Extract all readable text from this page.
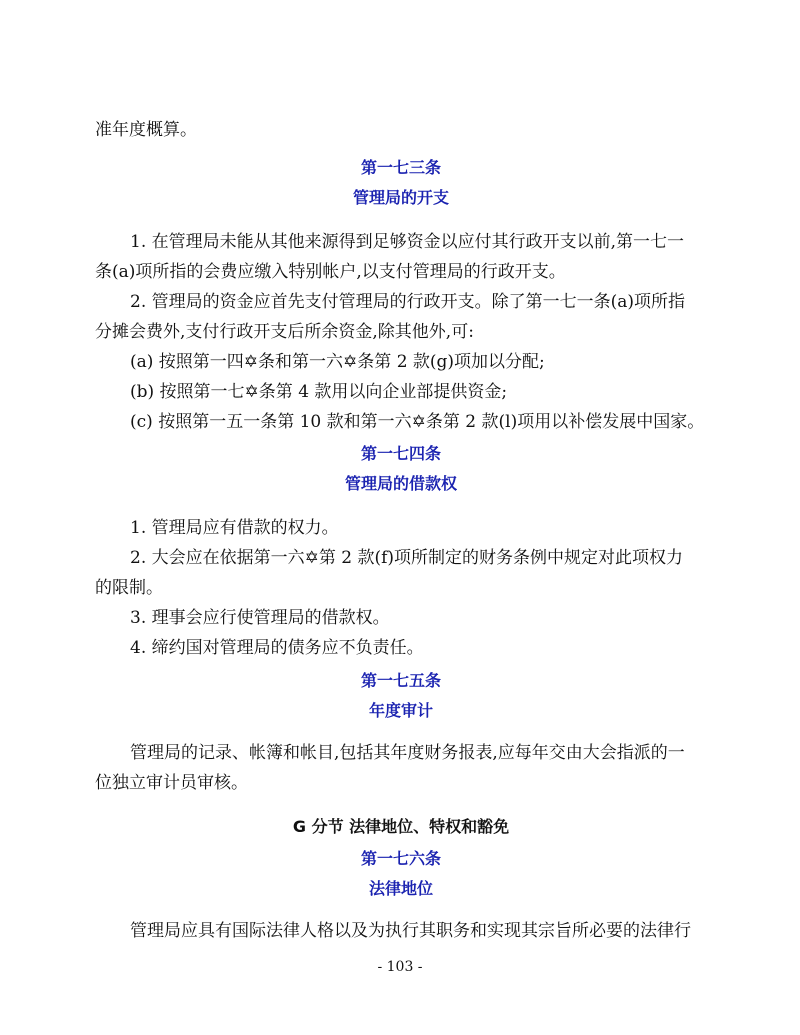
准年度概算。
第一七三条
管理局的开支
1. 在管理局未能从其他来源得到足够资金以应付其行政开支以前,第一七一
条(a)项所指的会费应缴入特别帐户,以支付管理局的行政开支。
2. 管理局的资金应首先支付管理局的行政开支。除了第一七一条(a)项所指
分摊会费外,支付行政开支后所余资金,除其他外,可:
(a) 按照第一四✡条和第一六✡条第 2 款(g)项加以分配;
(b) 按照第一七✡条第 4 款用以向企业部提供资金;
(c) 按照第一五一条第 10 款和第一六✡条第 2 款(l)项用以补偿发展中国家。
第一七四条
管理局的借款权
1. 管理局应有借款的权力。
2. 大会应在依据第一六✡第 2 款(f)项所制定的财务条例中规定对此项权力
的限制。
3. 理事会应行使管理局的借款权。
4. 缔约国对管理局的债务应不负责任。
第一七五条
年度审计
管理局的记录、帐簿和帐目,包括其年度财务报表,应每年交由大会指派的一
位独立审计员审核。
G 分节 法律地位、特权和豁免
第一七六条
法律地位
管理局应具有国际法律人格以及为执行其职务和实现其宗旨所必要的法律行
- 103 -
